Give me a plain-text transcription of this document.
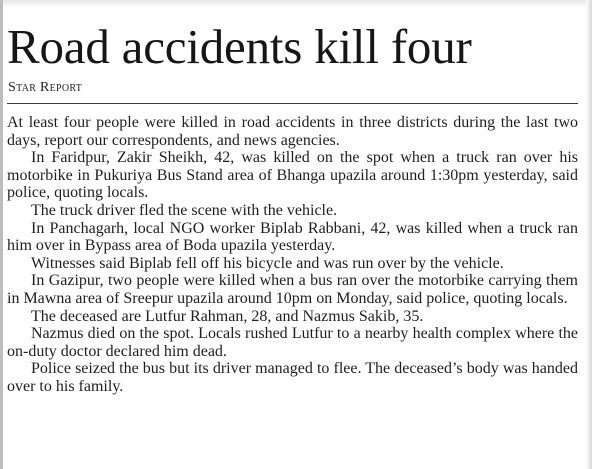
Road accidents kill four
Star Report

At least four people were killed in road accidents in three districts during the last two days, report our correspondents, and news agencies.

In Faridpur, Zakir Sheikh, 42, was killed on the spot when a truck ran over his motorbike in Pukuriya Bus Stand area of Bhanga upazila around 1:30pm yesterday, said police, quoting locals.

The truck driver fled the scene with the vehicle.

In Panchagarh, local NGO worker Biplab Rabbani, 42, was killed when a truck ran him over in Bypass area of Boda upazila yesterday.

Witnesses said Biplab fell off his bicycle and was run over by the vehicle.

In Gazipur, two people were killed when a bus ran over the motorbike carrying them in Mawna area of Sreepur upazila around 10pm on Monday, said police, quoting locals.

The deceased are Lutfur Rahman, 28, and Nazmus Sakib, 35.

Nazmus died on the spot. Locals rushed Lutfur to a nearby health complex where the on-duty doctor declared him dead.

Police seized the bus but its driver managed to flee. The deceased’s body was handed over to his family.
